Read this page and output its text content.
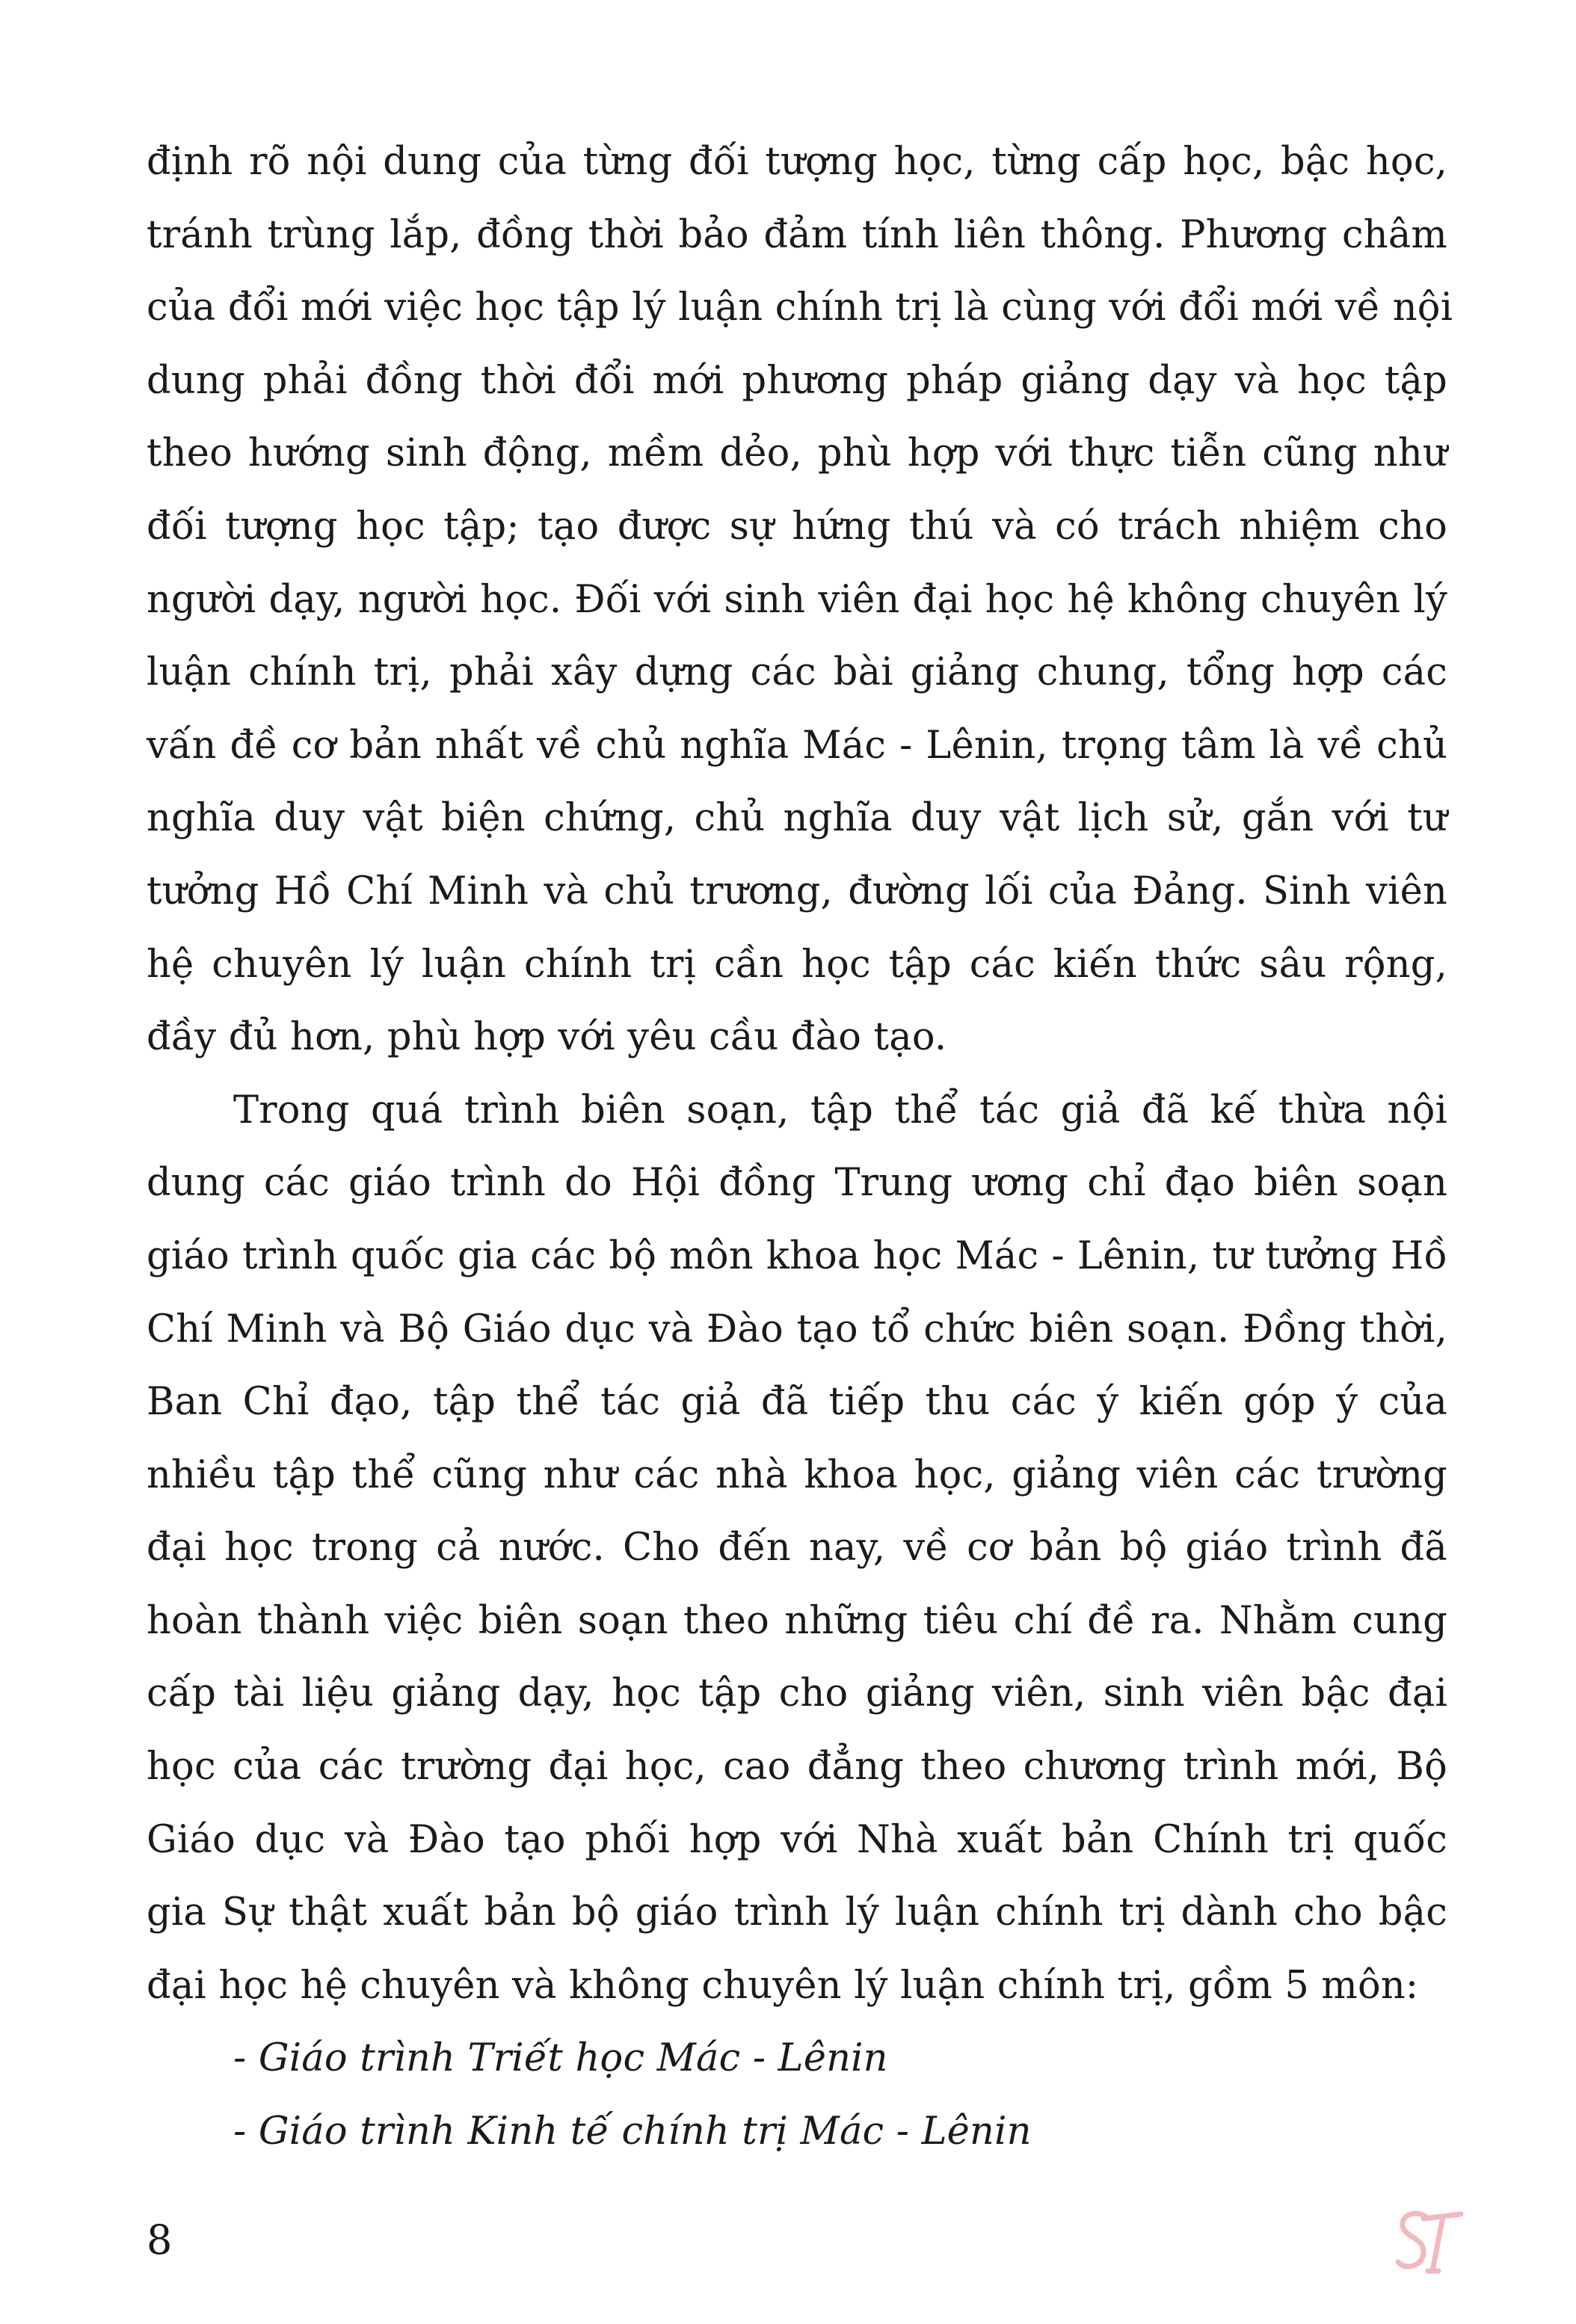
định rõ nội dung của từng đối tượng học, từng cấp học, bậc học,
tránh trùng lắp, đồng thời bảo đảm tính liên thông. Phương châm
của đổi mới việc học tập lý luận chính trị là cùng với đổi mới về nội
dung phải đồng thời đổi mới phương pháp giảng dạy và học tập
theo hướng sinh động, mềm dẻo, phù hợp với thực tiễn cũng như
đối tượng học tập; tạo được sự hứng thú và có trách nhiệm cho
người dạy, người học. Đối với sinh viên đại học hệ không chuyên lý
luận chính trị, phải xây dựng các bài giảng chung, tổng hợp các
vấn đề cơ bản nhất về chủ nghĩa Mác - Lênin, trọng tâm là về chủ
nghĩa duy vật biện chứng, chủ nghĩa duy vật lịch sử, gắn với tư
tưởng Hồ Chí Minh và chủ trương, đường lối của Đảng. Sinh viên
hệ chuyên lý luận chính trị cần học tập các kiến thức sâu rộng,
đầy đủ hơn, phù hợp với yêu cầu đào tạo.
Trong quá trình biên soạn, tập thể tác giả đã kế thừa nội
dung các giáo trình do Hội đồng Trung ương chỉ đạo biên soạn
giáo trình quốc gia các bộ môn khoa học Mác - Lênin, tư tưởng Hồ
Chí Minh và Bộ Giáo dục và Đào tạo tổ chức biên soạn. Đồng thời,
Ban Chỉ đạo, tập thể tác giả đã tiếp thu các ý kiến góp ý của
nhiều tập thể cũng như các nhà khoa học, giảng viên các trường
đại học trong cả nước. Cho đến nay, về cơ bản bộ giáo trình đã
hoàn thành việc biên soạn theo những tiêu chí đề ra. Nhằm cung
cấp tài liệu giảng dạy, học tập cho giảng viên, sinh viên bậc đại
học của các trường đại học, cao đẳng theo chương trình mới, Bộ
Giáo dục và Đào tạo phối hợp với Nhà xuất bản Chính trị quốc
gia Sự thật xuất bản bộ giáo trình lý luận chính trị dành cho bậc
đại học hệ chuyên và không chuyên lý luận chính trị, gồm 5 môn:
- Giáo trình Triết học Mác - Lênin
- Giáo trình Kinh tế chính trị Mác - Lênin
8
